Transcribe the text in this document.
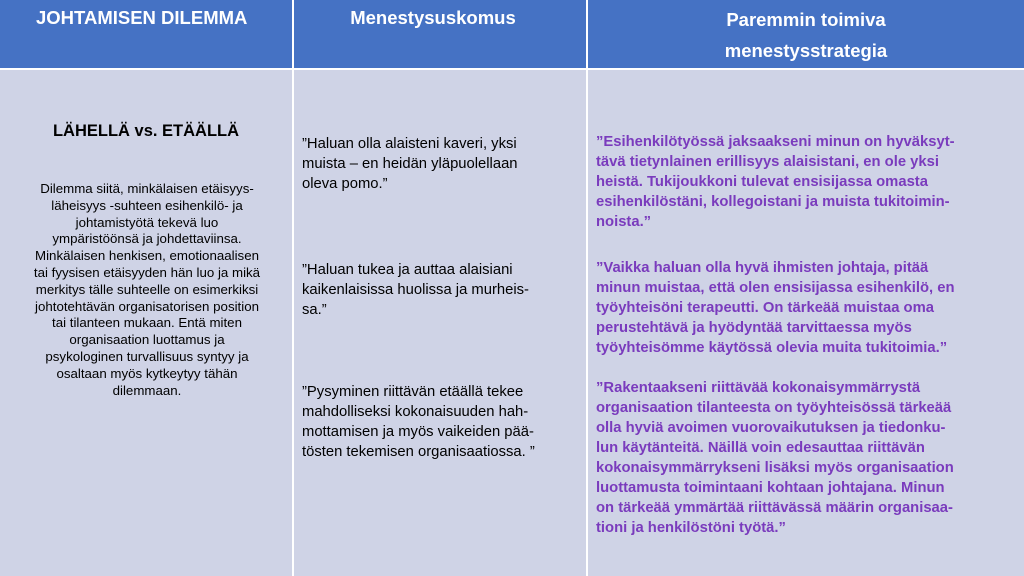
JOHTAMISEN DILEMMA	Menestysuskomus	Paremmin toimiva
menestysstrategia
LÄHELLÄ vs. ETÄÄLLÄ
Dilemma siitä, minkälaisen etäisyys-
läheisyys -suhteen esihenkilö- ja
johtamistyötä tekevä luo
ympäristöönsä ja johdettaviinsa.
Minkälaisen henkisen, emotionaalisen
tai fyysisen etäisyyden hän luo ja mikä
merkitys tälle suhteelle on esimerkiksi
johtotehtävän organisatorisen position
tai tilanteen mukaan. Entä miten
organisaation luottamus ja
psykologinen turvallisuus syntyy ja
osaltaan myös kytkeytyy tähän
dilemmaan.
”Haluan olla alaisteni kaveri, yksi
muista – en heidän yläpuolellaan
oleva pomo.”
”Haluan tukea ja auttaa alaisiani
kaikenlaisissa huolissa ja murheis-
sa.”
”Pysyminen riittävän etäällä tekee
mahdolliseksi kokonaisuuden hah-
mottamisen ja myös vaikeiden pää-
tösten tekemisen organisaatiossa. ”
”Esihenkilötyössä jaksaakseni minun on hyväksyt-
tävä tietynlainen erillisyys alaisistani, en ole yksi
heistä. Tukijoukkoni tulevat ensisijassa omasta
esihenkilöstäni, kollegoistani ja muista tukitoimin-
noista.”
”Vaikka haluan olla hyvä ihmisten johtaja, pitää
minun muistaa, että olen ensisijassa esihenkilö, en
työyhteisöni terapeutti. On tärkeää muistaa oma
perustehtävä ja hyödyntää tarvittaessa myös
työyhteisömme käytössä olevia muita tukitoimia.”
”Rakentaakseni riittävää kokonaisymmärrystä
organisaation tilanteesta on työyhteisössä tärkeää
olla hyviä avoimen vuorovaikutuksen ja tiedonku-
lun käytänteitä. Näillä voin edesauttaa riittävän
kokonaisymmärrykseni lisäksi myös organisaation
luottamusta toimintaani kohtaan johtajana. Minun
on tärkeää ymmärtää riittävässä määrin organisaa-
tioni ja henkilöstöni työtä.”
